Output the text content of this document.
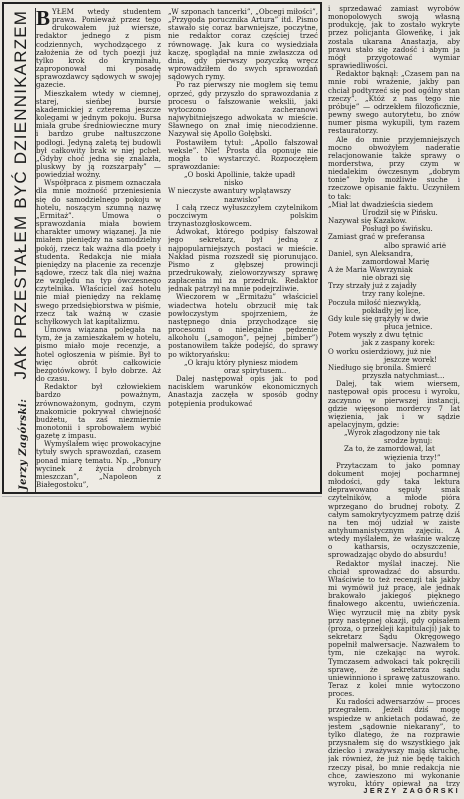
Jerzy Zagórski: JAK PRZESTAŁEM BYĆ DZIENNIKARZEM BYŁEM wtedy studentem prawa. Ponieważ przez tego drukowałem już wiersze, redaktor jednego z pism codziennych, wychodzącego z założenia że od tych poezji już tylko krok do kryminału, zaproponował mi posadę sprawozdawcy sądowych w swojej gazecie.

Mieszkałem wtedy w ciemnej, starej, sieńbej bursie akademickiej z czterema jeszcze kolegami w jednym pokoju. Bursa miała grube średniowieczne mury i bardzo grube nałtuszczone podłogi. Jedyną zaletą tej budowli był całkowity brak w niej pcheł. „Gdyby choć jedna się znalazła, pluskwy by ją rozszarpały” — powiedział woźny.

Współpraca z pismem oznaczała dla mnie możność przeniesienia się do samodzielnego pokoju w hotelu, noszącym szumną nazwę „Ermitaż”. Umowa o sprawozdania miała bowiem charakter umowy wiązanej. Ja nie miałem pieniędzy na samodzielny pokój, rzecz tak ważna dla poety i studenta. Redakcja nie miała pieniędzy na płacenie za recenzje sądowe, rzecz tak dla niej ważna ze względu na typ ówczesnego czytelnika. Właściciel zaś hotelu nie miał pieniędzy na reklamę swego przedsiębiorstwa w piśmie, rzecz tak ważną w czasie schyłkowych lat kapitalizmu.

Umowa wiązana polegała na tym, że ja zamieszkałem w hotelu, pismo miało moje recenzje, a hotel ogłoszenia w piśmie. Był to więc obrót całkowicie bezgotówkowy. I było dobrze. Aż do czasu.

Redaktor był człowiekiem bardzo poważnym, zrównoważonym, godnym, czym znakomicie pokrywał chwiejność budżetu, ta zaś niezmiernie monotonii i sprobowałem wybić gazetę z impasu.

Wymyślałem więc prowokacyjne tytuły swych sprawozdań, czasem ponad miarę tematu. Np. „Ponury wycinek z życia drobnych mieszczan”, „Napoleon z Białegostoku”,

„W szponach tancerki”, „Obcegi miłości”, „Przygoda porucznika Artura” itd. Pismo stawało się coraz barwniejsze, poczytne, nie redaktor coraz częściej trzeć równowagę. Jak kura co wysiedziała kaczę, spoglądał na mnie zwłaszcza od dnia, gdy pierwszy pozyczką wręcz wprowadziłem do swych sprawozdań sądowych rymy.

Po raz pierwszy nie mogłem się temu oprzeć, gdy przyszło do sprawozdania z procesu o fałszowanie wekslii, jaki wytoczono zacheranowi najwybitniejszego adwokata w mieście. Sławnego on znał imię niecodzienne. Nazywał się Apollo Gołębski.

Postawiłem tytuł: „Apollo fałszował weksle”. Nie! Prosta dla oponuje nie mogła to wystarczyć. Rozpoczęłem sprawozdanie:

„O boski Apollinie, także upadł

nisko

W nieczyste awantury wplątawszy

nazwisko”

I całą rzecz wyłuszczyłem czytelnikom poczciwym polskim trzynastozgłoskowcem.

Adwokat, którego podpisy fałszował jego sekretarz, był jedną z najpopularniejszych postaci w mieście. Nakład pisma rozszedł się piorunująco. Pismo z głębszej prowincji przedrukowały, zieloworzywszy sprawę zapłacenia mi za przedruk. Redaktor jednak patrzył na mnie podejrzliwie.

Wieczorem w „Ermitażu” właściciel wiadectwa hotelu obrzucił mię tak powłoczystym spojrzeniem, że następnego dnia przychodzące się procesomi o nielegalne pędzenie alkoholu („samogon”, pejnej „bimber”) postanowiłem także podejść, do sprawy po wiktoryańsku:

„O kraju który płyniesz miodem

oraz spirytusem..

Dalej następował opis jak to pod nacisklem warunków ekonomicznych Anastazja zaczęła w sposób godny potępienia produkować

i sprzedawać zamiast wyrobów monopolowych swoją własną produkcję, jak to zostało wykryte przez policjanta Gloweńkę, i jak zostala ukarana Anastazja, aby prawu stało się zadość i abym ja mógł przygotować wymiar sprawiedliwości.

Redaktor bąknął: „Czasem pan na mnie robi wrażenie, jakby pan chciał podtyrzeć się pod ogólny stan rzeczy”. „Któż z nas tego nie próbuje” — odrzekłem filozoficznie, pewny swego autorytetu, bo znów numer pisma wykupili, tym razem restauratorzy.

Ale do mnie przyjemniejszych mocno obwożyłem naderatie relacjonowanie także sprawy o morderstwa, przy czym w niedalekim ówczesnym „dobrym tonie” było możliwie suche i rzeczowe opisanie faktu. Uczyniłem to tak:

„Miał lat dwadzieścia siedem

Urodził się w Pińsku.

Nazywał się Kazakow.

Posługł po świńsku.

Zamiast grać w preferansa

albo sprawić ariė

Daniel, syn Aleksandra,

zamordował Marię

A że Maria Wawrzyniak

nie obrazi się

Trzy strzały już z zajadły

trzy rany kolejne.

Poczuła miłość niezwykłą,

pokładły jej lice,

Gdy kule się grążyły w dwie

płuca jetnice.

Potem wyszły z dwu tętnic

jak z zaspany korek:

O worku osierdziowy, już nie

jeszcze worek!

Niedługo się bronila. Śmierć

przyszła natychmiast...

Dalej, tak wiem wiersem, następował opis procesu i wyroku, zaczynno w pierwszej instancji, gdzie więęsono mordercy 7 lat więzienia, jak i w sądzie apelacyjnym, gdzie:

„Wyrok złagodzony nie tak

srodze bynuj:

Za to, że zamordował, lat

więzienia trzy!”

Przytaczam to jako pomnay dokument mojej pocharmnej młodości, gdy taka lektura deprawowano sępuły smak czytelników, a młode pióra wprzegano do brudnej roboty. Z całym samokrytycyzmem patrzę dziś na ten mój udział w zaiste antyhumanistycznym zajęciu. A wtedy myślałem, że właśnie walczę o katharsis, oczyszczenie, sprowadzając obydo do absurdu!

Redaktor myślał inaczej. Nie chciał sprowadzać do absurdu. Właściwie to też recenzji tak jakby mi wymówił już pracę, ale jednak brakowało jakiegoś pięknego finałowego akcentu, uwieńczenia. Więc wyrzucił mię na zbity pysk przy następnej okazji, gdy opisałem (proza, o przekleji kapitulacji) jak to sekretarz Sądu Okręgowego popełnił malwersacje. Nazwałem to tym, nie czekając na wyrok. Tymczasem adwokaci tak pokręcili sprawę, że sekretarza sądu uniewinniono i sprawę zatuszowano. Teraz z kolei mnie wytoczono proces.

Ku radości adwersarzów — proces przegrałem. Jeżeli dziś mogę wspiedze w ankietach podawać, że jestem „sądownie niekarany”, to tylko dlatego, że na rozprawie przysnałem się do wszystkiego jak dziecko i zważywszy mają skruchę, jak również, że już nie będę takich rzeczy pisał, bo mnie redakcja nie chce, zawieszono mi wykonanie wyroku, który opiewał na trzy

JERZY ZAGÓRSKI
